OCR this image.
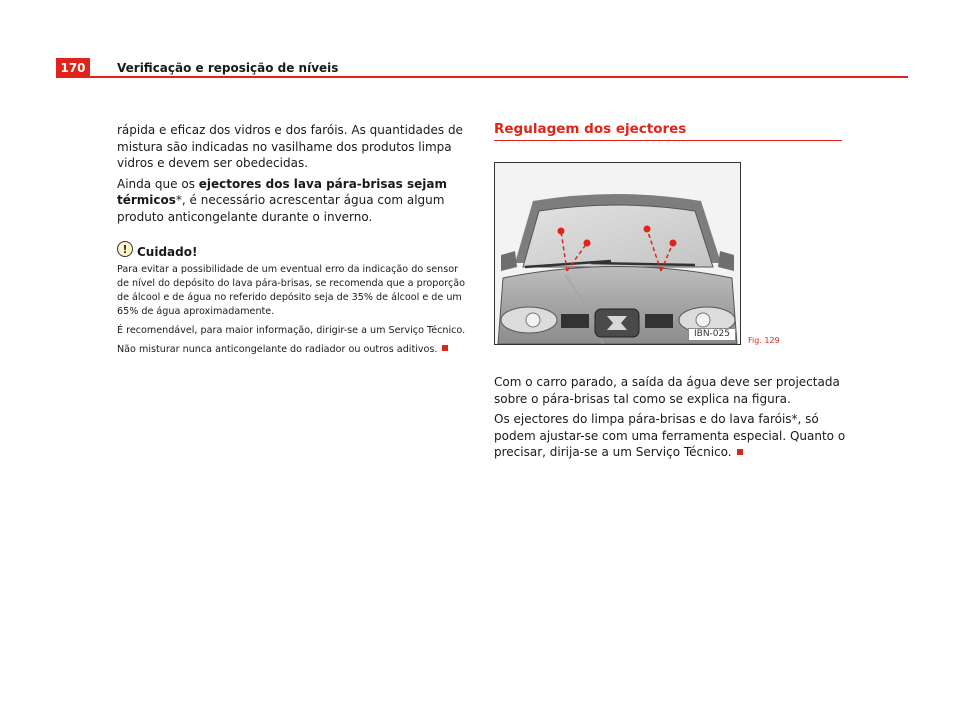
170	Verificação e reposição de níveis

rápida e eficaz dos vidros e dos faróis. As quantidades de mistura são indicadas no vasilhame dos produtos limpa vidros e devem ser obedecidas.

Ainda que os ejectores dos lava pára-brisas sejam térmicos*, é necessário acrescentar água com algum produto anticongelante durante o inverno.

! Cuidado!

Para evitar a possibilidade de um eventual erro da indicação do sensor de nível do depósito do lava pára-brisas, se recomenda que a proporção de álcool e de água no referido depósito seja de 35% de álcool e de um 65% de água aproximadamente.

É recomendável, para maior informação, dirigir-se a um Serviço Técnico.

Não misturar nunca anticongelante do radiador ou outros aditivos.

Regulagem dos ejectores
IBN-025
Fig. 129

Com o carro parado, a saída da água deve ser projectada sobre o pára-brisas tal como se explica na figura.

Os ejectores do limpa pára-brisas e do lava faróis*, só podem ajustar-se com uma ferramenta especial. Quanto o precisar, dirija-se a um Serviço Técnico.
